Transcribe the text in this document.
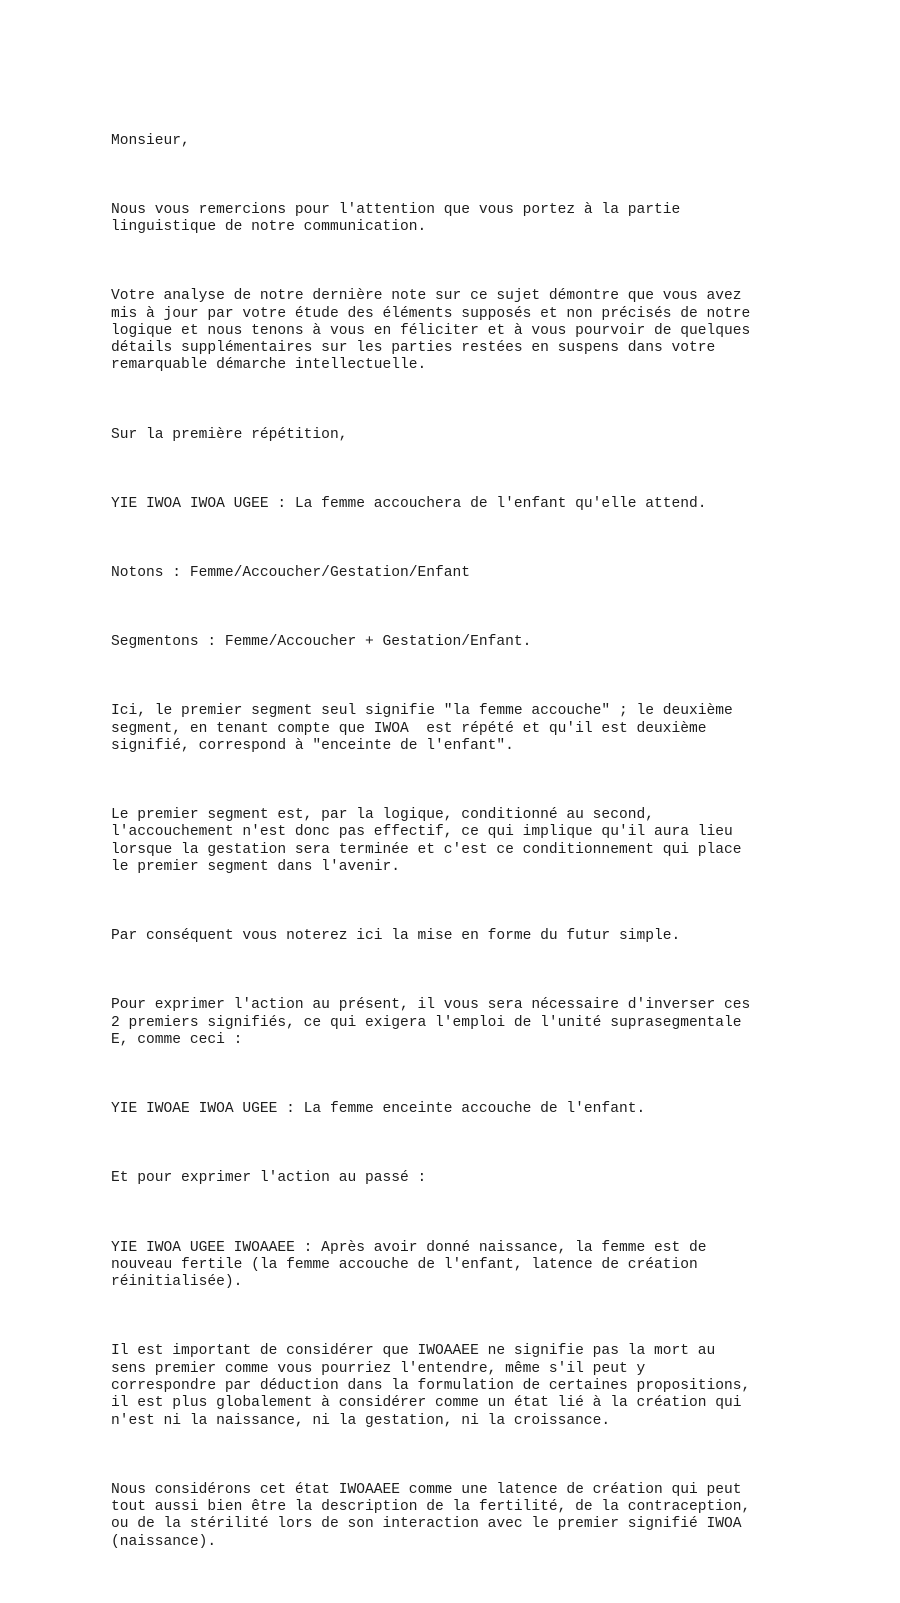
Monsieur,

Nous vous remercions pour l'attention que vous portez à la partie
linguistique de notre communication.

Votre analyse de notre dernière note sur ce sujet démontre que vous avez
mis à jour par votre étude des éléments supposés et non précisés de notre
logique et nous tenons à vous en féliciter et à vous pourvoir de quelques
détails supplémentaires sur les parties restées en suspens dans votre
remarquable démarche intellectuelle.

Sur la première répétition,

YIE IWOA IWOA UGEE : La femme accouchera de l'enfant qu'elle attend.

Notons : Femme/Accoucher/Gestation/Enfant

Segmentons : Femme/Accoucher + Gestation/Enfant.

Ici, le premier segment seul signifie "la femme accouche" ; le deuxième
segment, en tenant compte que IWOA  est répété et qu'il est deuxième
signifié, correspond à "enceinte de l'enfant".

Le premier segment est, par la logique, conditionné au second,
l'accouchement n'est donc pas effectif, ce qui implique qu'il aura lieu
lorsque la gestation sera terminée et c'est ce conditionnement qui place
le premier segment dans l'avenir.

Par conséquent vous noterez ici la mise en forme du futur simple.

Pour exprimer l'action au présent, il vous sera nécessaire d'inverser ces
2 premiers signifiés, ce qui exigera l'emploi de l'unité suprasegmentale
E, comme ceci :

YIE IWOAE IWOA UGEE : La femme enceinte accouche de l'enfant.

Et pour exprimer l'action au passé :

YIE IWOA UGEE IWOAAEE : Après avoir donné naissance, la femme est de
nouveau fertile (la femme accouche de l'enfant, latence de création
réinitialisée).

Il est important de considérer que IWOAAEE ne signifie pas la mort au
sens premier comme vous pourriez l'entendre, même s'il peut y
correspondre par déduction dans la formulation de certaines propositions,
il est plus globalement à considérer comme un état lié à la création qui
n'est ni la naissance, ni la gestation, ni la croissance.

Nous considérons cet état IWOAAEE comme une latence de création qui peut
tout aussi bien être la description de la fertilité, de la contraception,
ou de la stérilité lors de son interaction avec le premier signifié IWOA
(naissance).
